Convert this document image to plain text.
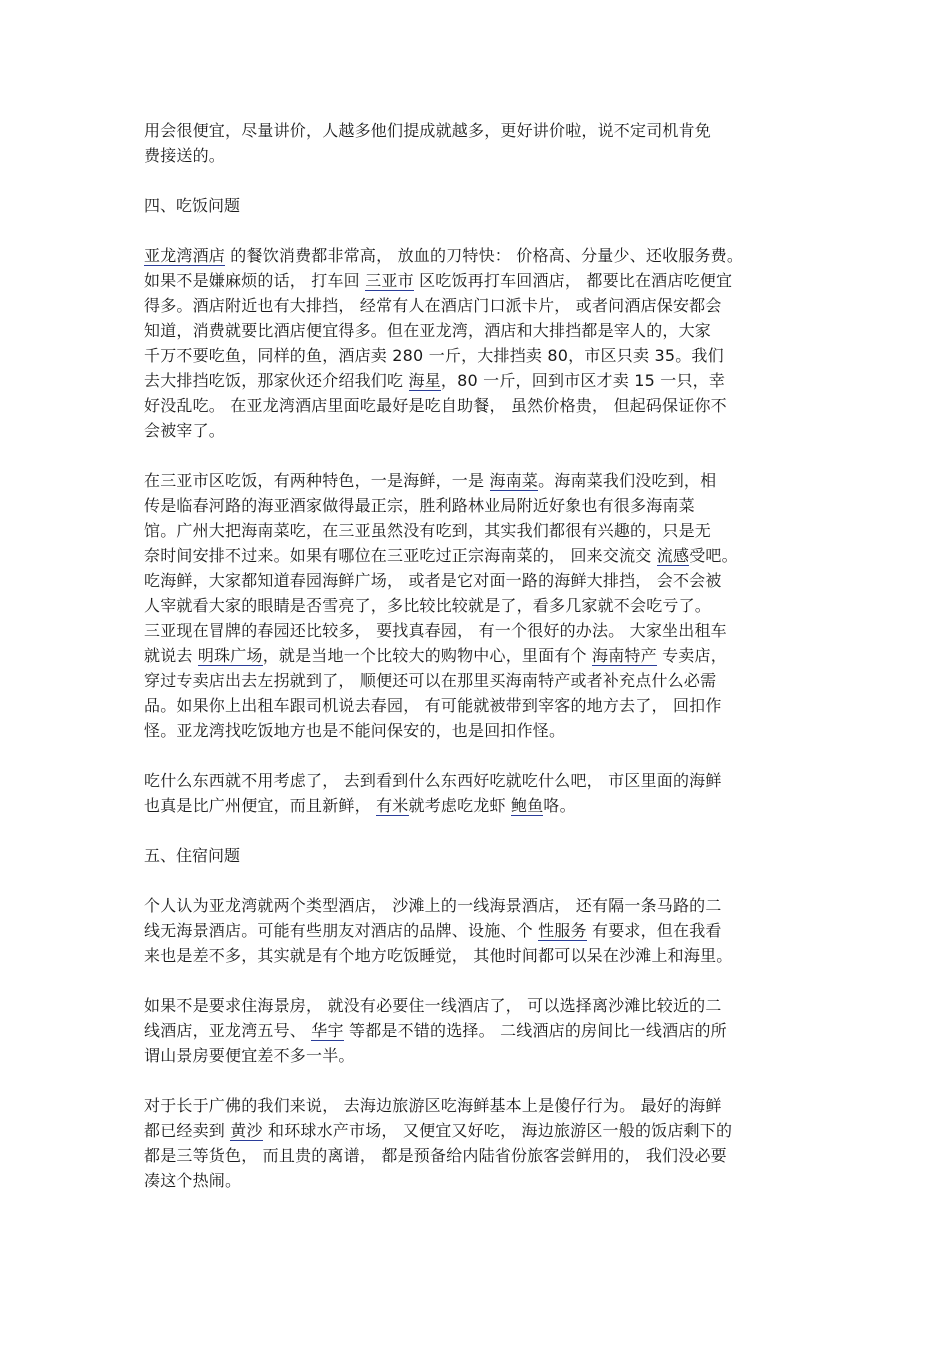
用会很便宜，尽量讲价，人越多他们提成就越多，更好讲价啦，说不定司机肯免
费接送的。
四、吃饭问题
亚龙湾酒店 的餐饮消费都非常高， 放血的刀特快： 价格高、分量少、还收服务费。
如果不是嫌麻烦的话， 打车回 三亚市 区吃饭再打车回酒店， 都要比在酒店吃便宜
得多。酒店附近也有大排挡， 经常有人在酒店门口派卡片， 或者问酒店保安都会
知道，消费就要比酒店便宜得多。但在亚龙湾，酒店和大排挡都是宰人的，大家
千万不要吃鱼，同样的鱼，酒店卖 280 一斤，大排挡卖 80，市区只卖 35。我们
去大排挡吃饭，那家伙还介绍我们吃 海星，80 一斤，回到市区才卖 15 一只，幸
好没乱吃。 在亚龙湾酒店里面吃最好是吃自助餐， 虽然价格贵， 但起码保证你不
会被宰了。
在三亚市区吃饭，有两种特色，一是海鲜，一是 海南菜。海南菜我们没吃到，相
传是临春河路的海亚酒家做得最正宗，胜利路林业局附近好象也有很多海南菜
馆。广州大把海南菜吃，在三亚虽然没有吃到，其实我们都很有兴趣的，只是无
奈时间安排不过来。如果有哪位在三亚吃过正宗海南菜的， 回来交流交 流感受吧。
吃海鲜，大家都知道春园海鲜广场， 或者是它对面一路的海鲜大排挡， 会不会被
人宰就看大家的眼睛是否雪亮了，多比较比较就是了，看多几家就不会吃亏了。
三亚现在冒牌的春园还比较多， 要找真春园， 有一个很好的办法。 大家坐出租车
就说去 明珠广场，就是当地一个比较大的购物中心，里面有个 海南特产 专卖店，
穿过专卖店出去左拐就到了， 顺便还可以在那里买海南特产或者补充点什么必需
品。如果你上出租车跟司机说去春园， 有可能就被带到宰客的地方去了， 回扣作
怪。亚龙湾找吃饭地方也是不能问保安的，也是回扣作怪。
吃什么东西就不用考虑了， 去到看到什么东西好吃就吃什么吧， 市区里面的海鲜
也真是比广州便宜，而且新鲜， 有米就考虑吃龙虾 鲍鱼咯。
五、住宿问题
个人认为亚龙湾就两个类型酒店， 沙滩上的一线海景酒店， 还有隔一条马路的二
线无海景酒店。可能有些朋友对酒店的品牌、设施、个 性服务 有要求，但在我看
来也是差不多，其实就是有个地方吃饭睡觉， 其他时间都可以呆在沙滩上和海里。
如果不是要求住海景房， 就没有必要住一线酒店了， 可以选择离沙滩比较近的二
线酒店，亚龙湾五号、 华宇 等都是不错的选择。 二线酒店的房间比一线酒店的所
谓山景房要便宜差不多一半。
对于长于广佛的我们来说， 去海边旅游区吃海鲜基本上是傻仔行为。 最好的海鲜
都已经卖到 黄沙 和环球水产市场， 又便宜又好吃， 海边旅游区一般的饭店剩下的
都是三等货色， 而且贵的离谱， 都是预备给内陆省份旅客尝鲜用的， 我们没必要
凑这个热闹。
